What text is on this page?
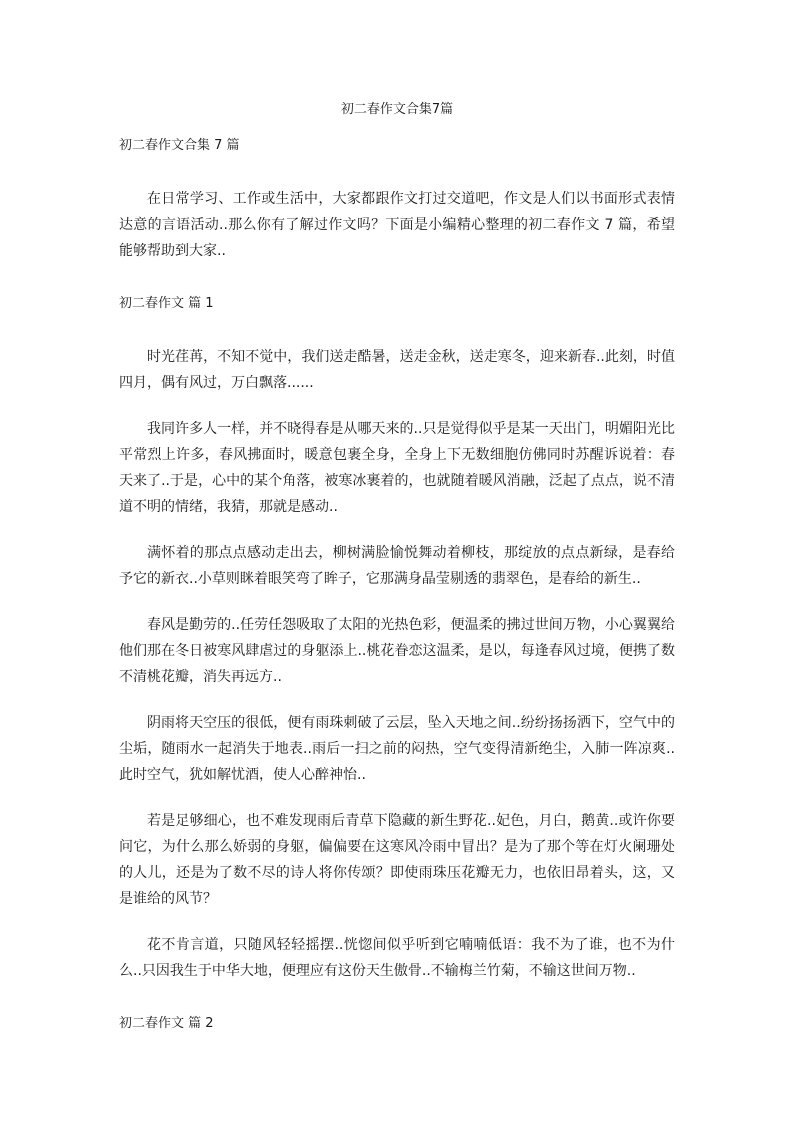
初二春作文合集7篇

初二春作文合集 7 篇

在日常学习、工作或生活中，大家都跟作文打过交道吧，作文是人们以书面形式表情达意的言语活动..那么你有了解过作文吗？下面是小编精心整理的初二春作文 7 篇，希望能够帮助到大家..

初二春作文 篇 1

时光荏苒，不知不觉中，我们送走酷暑，送走金秋，送走寒冬，迎来新春..此刻，时值四月，偶有风过，万白飘落......

我同许多人一样，并不晓得春是从哪天来的..只是觉得似乎是某一天出门，明媚阳光比平常烈上许多，春风拂面时，暖意包裹全身，全身上下无数细胞仿佛同时苏醒诉说着：春天来了..于是，心中的某个角落，被寒冰裹着的，也就随着暖风消融，泛起了点点，说不清道不明的情绪，我猜，那就是感动..

满怀着的那点点感动走出去，柳树满脸愉悦舞动着柳枝，那绽放的点点新绿，是春给予它的新衣..小草则眯着眼笑弯了眸子，它那满身晶莹剔透的翡翠色，是春给的新生..

春风是勤劳的..任劳任怨吸取了太阳的光热色彩，便温柔的拂过世间万物，小心翼翼给他们那在冬日被寒风肆虐过的身躯添上..桃花眷恋这温柔，是以，每逢春风过境，便携了数不清桃花瓣，消失再远方..

阴雨将天空压的很低，便有雨珠刺破了云层，坠入天地之间..纷纷扬扬洒下，空气中的尘垢，随雨水一起消失于地表..雨后一扫之前的闷热，空气变得清新绝尘，入肺一阵凉爽..此时空气，犹如解忧酒，使人心醉神怡..

若是足够细心，也不难发现雨后青草下隐藏的新生野花..妃色，月白，鹅黄..或许你要问它，为什么那么娇弱的身躯，偏偏要在这寒风冷雨中冒出？是为了那个等在灯火阑珊处的人儿，还是为了数不尽的诗人将你传颂？即使雨珠压花瓣无力，也依旧昂着头，这，又是谁给的风节？

花不肯言道，只随风轻轻摇摆..恍惚间似乎听到它喃喃低语：我不为了谁，也不为什么..只因我生于中华大地，便理应有这份天生傲骨..不输梅兰竹菊，不输这世间万物..

初二春作文 篇 2
